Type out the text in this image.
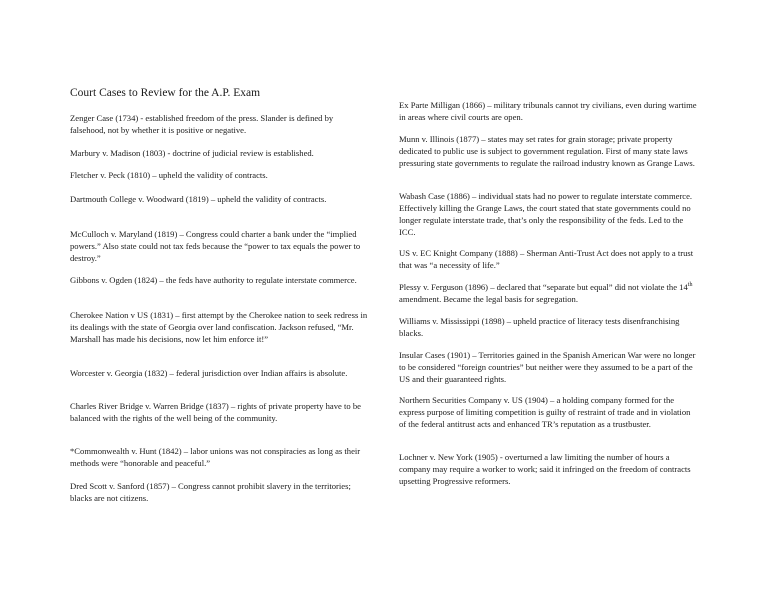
Court Cases to Review for the A.P. Exam

Zenger Case (1734) - established freedom of the press. Slander is defined by falsehood, not by whether it is positive or negative.

Marbury v. Madison (1803) - doctrine of judicial review is established.

Fletcher v. Peck (1810) – upheld the validity of contracts.

Dartmouth College v. Woodward (1819) – upheld the validity of contracts.

McCulloch v. Maryland (1819) – Congress could charter a bank under the “implied powers.” Also state could not tax feds because the “power to tax equals the power to destroy.”

Gibbons v. Ogden (1824) – the feds have authority to regulate interstate commerce.

Cherokee Nation v US (1831) – first attempt by the Cherokee nation to seek redress in its dealings with the state of Georgia over land confiscation. Jackson refused, “Mr. Marshall has made his decisions, now let him enforce it!”

Worcester v. Georgia (1832) – federal jurisdiction over Indian affairs is absolute.

Charles River Bridge v. Warren Bridge (1837) – rights of private property have to be balanced with the rights of the well being of the community.

*Commonwealth v. Hunt (1842) – labor unions was not conspiracies as long as their methods were “honorable and peaceful.”

Dred Scott v. Sanford (1857) – Congress cannot prohibit slavery in the territories; blacks are not citizens.

Ex Parte Milligan (1866) – military tribunals cannot try civilians, even during wartime in areas where civil courts are open.

Munn v. Illinois (1877) – states may set rates for grain storage; private property dedicated to public use is subject to government regulation. First of many state laws pressuring state governments to regulate the railroad industry known as Grange Laws.

Wabash Case (1886) – individual stats had no power to regulate interstate commerce. Effectively killing the Grange Laws, the court stated that state governments could no longer regulate interstate trade, that’s only the responsibility of the feds. Led to the ICC.

US v. EC Knight Company (1888) – Sherman Anti-Trust Act does not apply to a trust that was “a necessity of life.”

Plessy v. Ferguson (1896) – declared that “separate but equal” did not violate the 14th amendment. Became the legal basis for segregation.

Williams v. Mississippi (1898) – upheld practice of literacy tests disenfranchising blacks.

Insular Cases (1901) – Territories gained in the Spanish American War were no longer to be considered “foreign countries” but neither were they assumed to be a part of the US and their guaranteed rights.

Northern Securities Company v. US (1904) – a holding company formed for the express purpose of limiting competition is guilty of restraint of trade and in violation of the federal antitrust acts and enhanced TR’s reputation as a trustbuster.

Lochner v. New York (1905) - overturned a law limiting the number of hours a company may require a worker to work; said it infringed on the freedom of contracts upsetting Progressive reformers.
